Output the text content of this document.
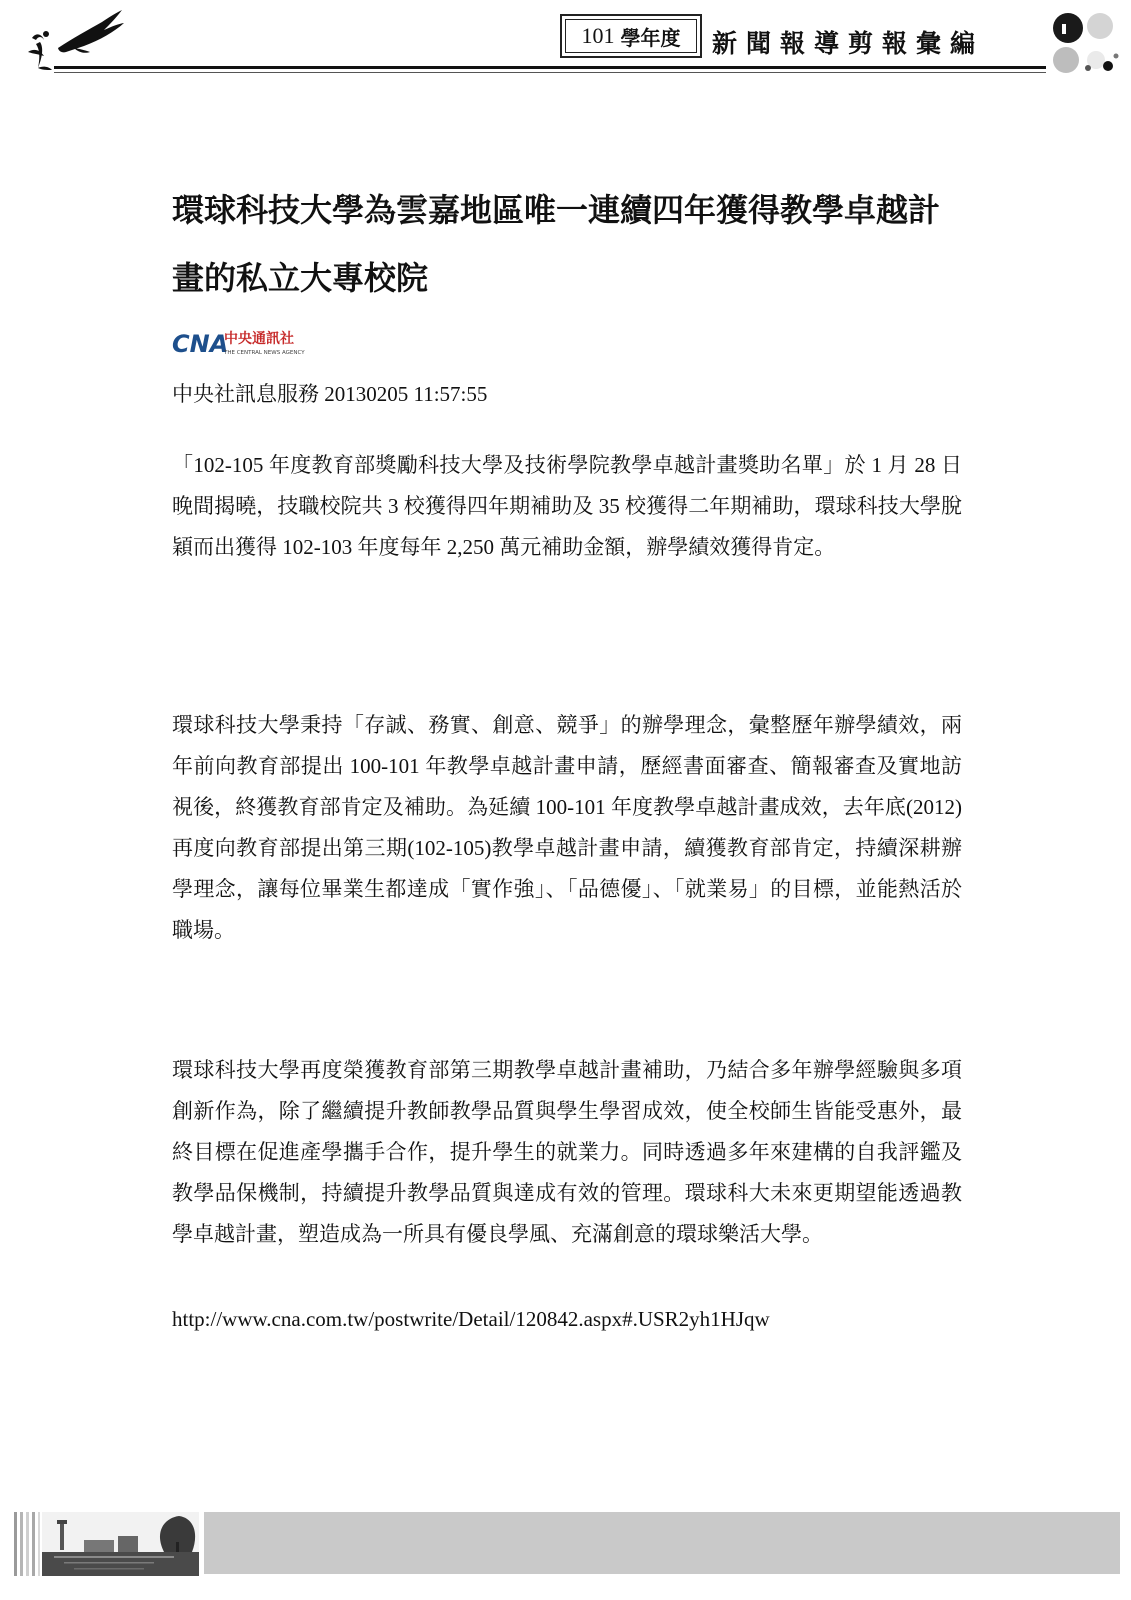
101 學年度 新聞報導剪報彙編
環球科技大學為雲嘉地區唯一連續四年獲得教學卓越計畫的私立大專校院
CNA
中央通訊社
THE CENTRAL NEWS AGENCY
中央社訊息服務 20130205 11:57:55

「102-105 年度教育部獎勵科技大學及技術學院教學卓越計畫獎助名單」於 1 月 28 日晚間揭曉，技職校院共 3 校獲得四年期補助及 35 校獲得二年期補助，環球科技大學脫穎而出獲得 102-103 年度每年 2,250 萬元補助金額，辦學績效獲得肯定。

環球科技大學秉持「存誠、務實、創意、競爭」的辦學理念，彙整歷年辦學績效，兩年前向教育部提出 100-101 年教學卓越計畫申請，歷經書面審查、簡報審查及實地訪視後，終獲教育部肯定及補助。為延續 100-101 年度教學卓越計畫成效，去年底(2012)再度向教育部提出第三期(102-105)教學卓越計畫申請，續獲教育部肯定，持續深耕辦學理念，讓每位畢業生都達成「實作強」、「品德優」、「就業易」的目標，並能熱活於職場。

環球科技大學再度榮獲教育部第三期教學卓越計畫補助，乃結合多年辦學經驗與多項創新作為，除了繼續提升教師教學品質與學生學習成效，使全校師生皆能受惠外，最終目標在促進產學攜手合作，提升學生的就業力。同時透過多年來建構的自我評鑑及教學品保機制，持續提升教學品質與達成有效的管理。環球科大未來更期望能透過教學卓越計畫，塑造成為一所具有優良學風、充滿創意的環球樂活大學。

http://www.cna.com.tw/postwrite/Detail/120842.aspx#.USR2yh1HJqw
